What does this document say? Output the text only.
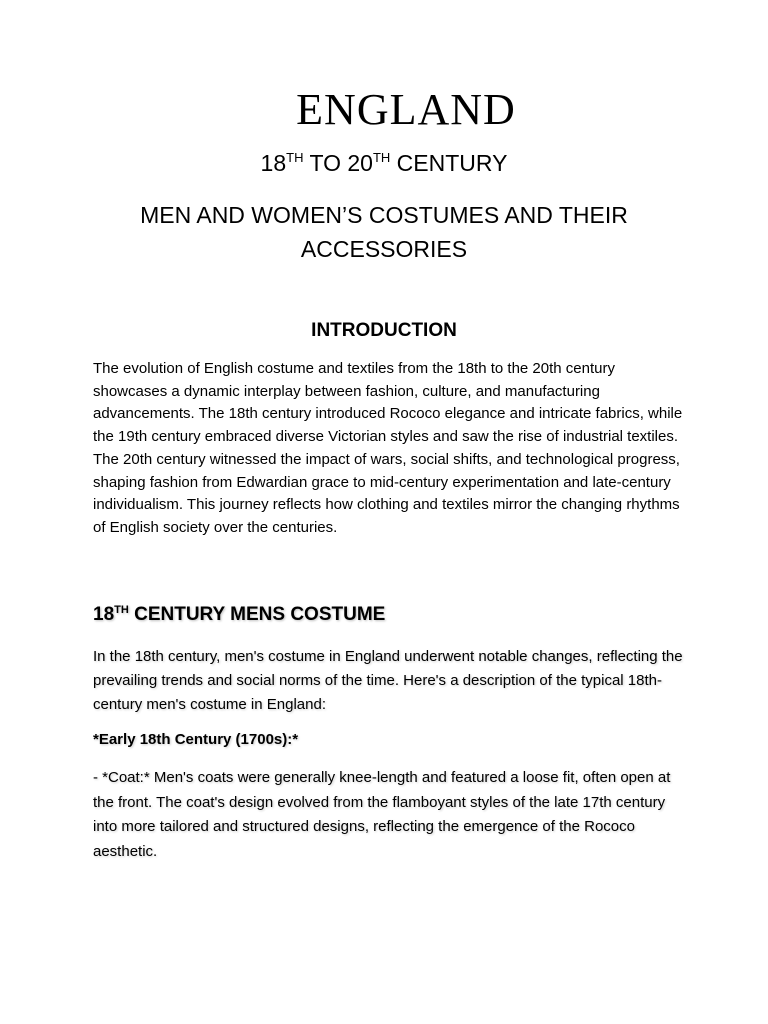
ENGLAND
18TH TO 20TH CENTURY
MEN AND WOMEN’S COSTUMES AND THEIR ACCESSORIES
INTRODUCTION

The evolution of English costume and textiles from the 18th to the 20th century showcases a dynamic interplay between fashion, culture, and manufacturing advancements. The 18th century introduced Rococo elegance and intricate fabrics, while the 19th century embraced diverse Victorian styles and saw the rise of industrial textiles. The 20th century witnessed the impact of wars, social shifts, and technological progress, shaping fashion from Edwardian grace to mid-century experimentation and late-century individualism. This journey reflects how clothing and textiles mirror the changing rhythms of English society over the centuries.

18TH CENTURY MENS COSTUME

In the 18th century, men's costume in England underwent notable changes, reflecting the prevailing trends and social norms of the time. Here's a description of the typical 18th-century men's costume in England:

*Early 18th Century (1700s):*

- *Coat:* Men's coats were generally knee-length and featured a loose fit, often open at the front. The coat's design evolved from the flamboyant styles of the late 17th century into more tailored and structured designs, reflecting the emergence of the Rococo aesthetic.
